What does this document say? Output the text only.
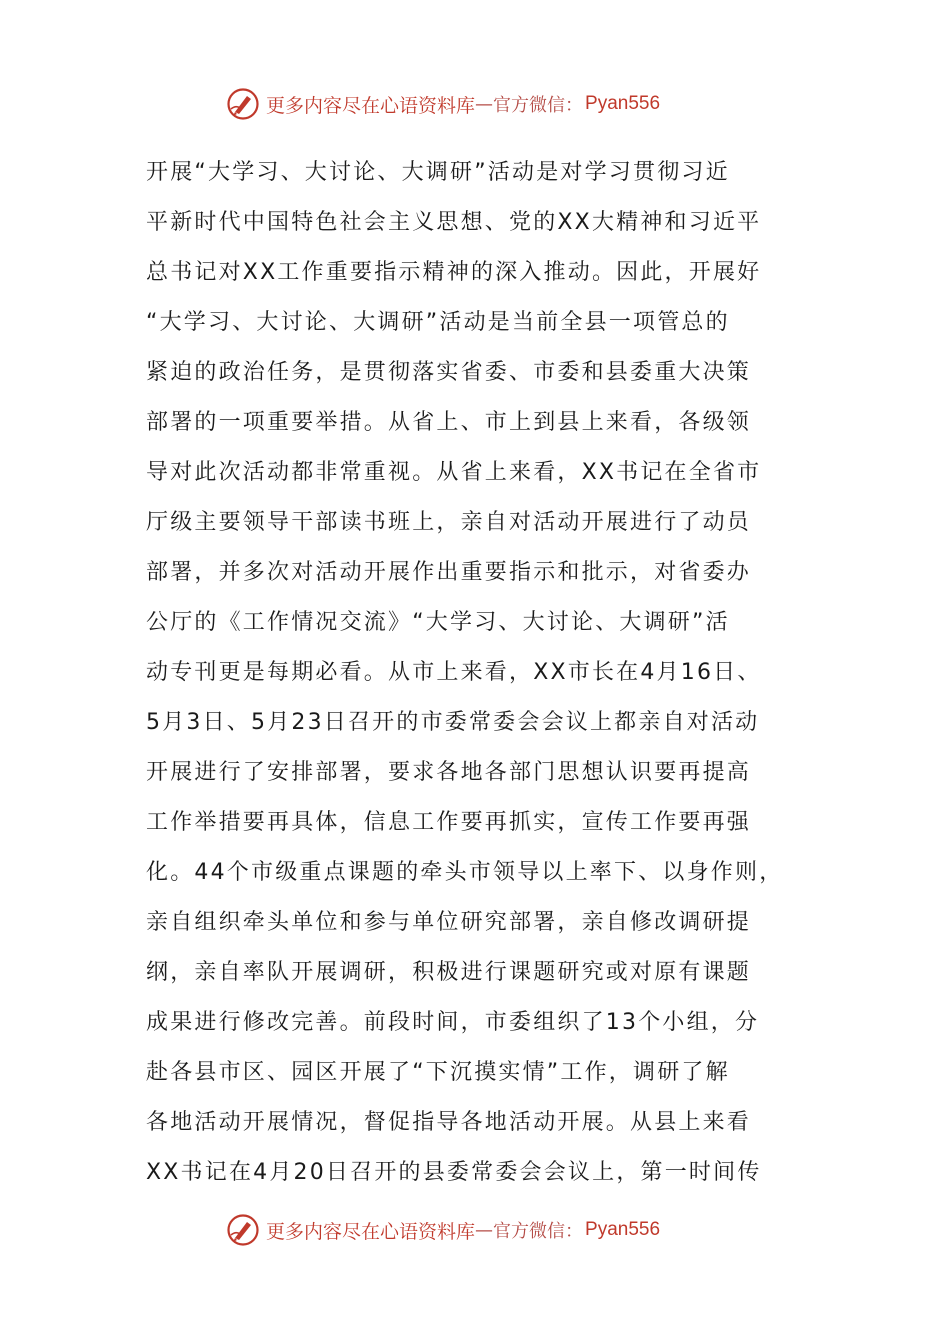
更多内容尽在心语资料库 — 官方微信： Pyan556
开展“大学习、大讨论、大调研”活动是对学习贯彻习近
平新时代中国特色社会主义思想、党的XX大精神和习近平
总书记对XX工作重要指示精神的深入推动。因此，开展好
“大学习、大讨论、大调研”活动是当前全县一项管总的
紧迫的政治任务，是贯彻落实省委、市委和县委重大决策
部署的一项重要举措。从省上、市上到县上来看，各级领
导对此次活动都非常重视。从省上来看，XX书记在全省市
厅级主要领导干部读书班上，亲自对活动开展进行了动员
部署，并多次对活动开展作出重要指示和批示，对省委办
公厅的《工作情况交流》“大学习、大讨论、大调研”活
动专刊更是每期必看。从市上来看，XX市长在4月16日、
5月3日、5月23日召开的市委常委会会议上都亲自对活动
开展进行了安排部署，要求各地各部门思想认识要再提高
工作举措要再具体，信息工作要再抓实，宣传工作要再强
化。44个市级重点课题的牵头市领导以上率下、以身作则，
亲自组织牵头单位和参与单位研究部署，亲自修改调研提
纲，亲自率队开展调研，积极进行课题研究或对原有课题
成果进行修改完善。前段时间，市委组织了13个小组，分
赴各县市区、园区开展了“下沉摸实情”工作，调研了解
各地活动开展情况，督促指导各地活动开展。从县上来看
XX书记在4月20日召开的县委常委会会议上，第一时间传
更多内容尽在心语资料库 — 官方微信： Pyan556
